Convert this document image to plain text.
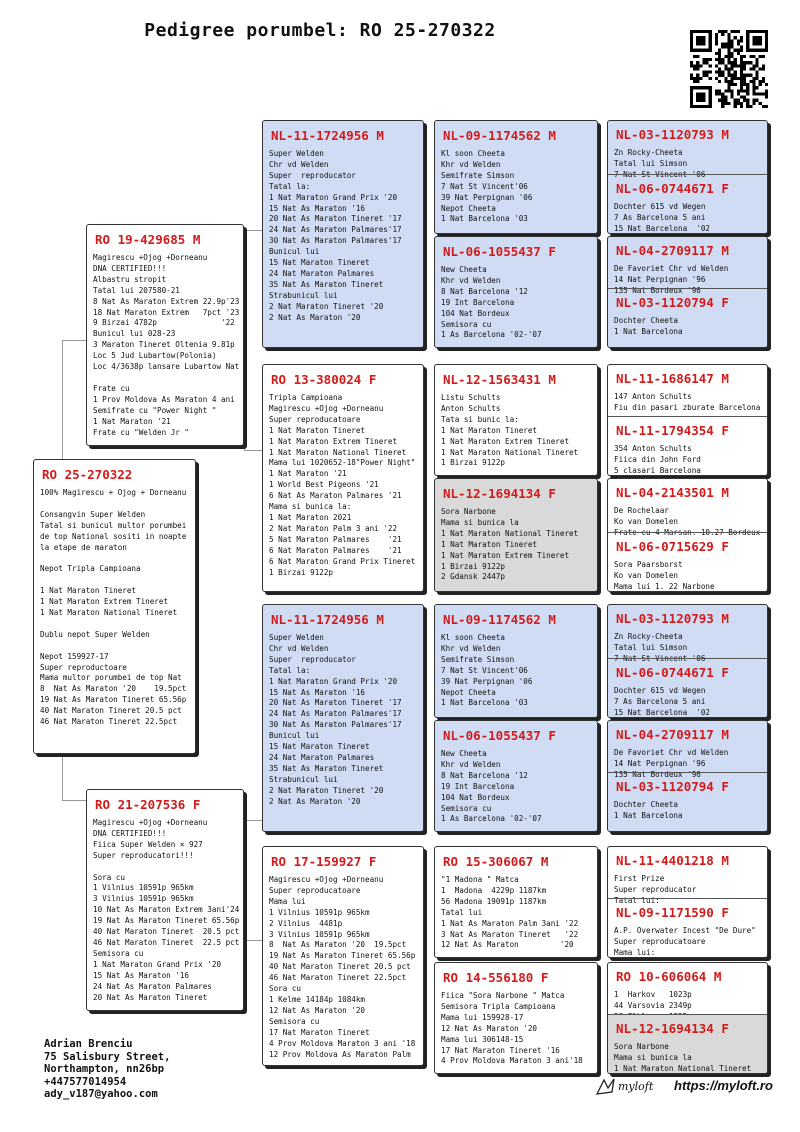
Pedigree porumbel: RO 25-270322
RO 25-270322
100% Magirescu + Ojog + Dorneanu

Consangvin Super Welden
Tatal si bunicul multor porumbei
de top National sositi in noapte
la etape de maraton

Nepot Tripla Campioana

1 Nat Maraton Tineret
1 Nat Maraton Extrem Tineret
1 Nat Maraton National Tineret

Dublu nepot Super Welden

Nepot 159927-17
Super reproductoare
Mama multor porumbei de top Nat
8  Nat As Maraton '20    19.5pct
19 Nat As Maraton Tineret 65.56p
40 Nat Maraton Tineret 20.5 pct
46 Nat Maraton Tineret 22.5pct
RO 19-429685 M
Magirescu +Ojog +Dorneanu
DNA CERTIFIED!!!
Albastru stropit
Tatal lui 207580-21
8 Nat As Maraton Extrem 22.9p'23
18 Nat Maraton Extrem   7pct '23
9 Birzai 4782p              '22
Bunicul lui 028-23
3 Maraton Tineret Oltenia 9.81p
Loc 5 Jud Lubartow(Polonia)
Loc 4/3638p lansare Lubartow Nat

Frate cu
1 Prov Moldova As Maraton 4 ani
Semifrate cu "Power Night "
1 Nat Maraton '21
Frate cu "Welden Jr "
RO 21-207536 F
Magirescu +Ojog +Dorneanu
DNA CERTIFIED!!!
Fiica Super Welden × 927
Super reproducatori!!!

Sora cu
1 Vilnius 10591p 965km
3 Vilnius 10591p 965km
10 Nat As Maraton Extrem 3ani'24
19 Nat As Maraton Tineret 65.56p
40 Nat Maraton Tineret  20.5 pct
46 Nat Maraton Tineret  22.5 pct
Semisora cu
1 Nat Maraton Grand Prix '20
15 Nat As Maraton '16
24 Nat As Maraton Palmares
20 Nat As Maraton Tineret
NL-11-1724956 M
Super Welden
Chr vd Welden
Super  reproducator
Tatal la:
1 Nat Maraton Grand Prix '20
15 Nat As Maraton '16
20 Nat As Maraton Tineret '17
24 Nat As Maraton Palmares'17
30 Nat As Maraton Palmares'17
Bunicul lui
15 Nat Maraton Tineret
24 Nat Maraton Palmares
35 Nat As Maraton Tineret
Strabunicul lui
2 Nat Maraton Tineret '20
2 Nat As Maraton '20
RO 13-380024 F
Tripla Campioana
Magirescu +Ojog +Dorneanu
Super reproducatoare
1 Nat Maraton Tineret
1 Nat Maraton Extrem Tineret
1 Nat Maraton National Tineret
Mama lui 1020652-18"Power Night"
1 Nat Maraton '21
1 World Best Pigeons '21
6 Nat As Maraton Palmares '21
Mama si bunica la:
1 Nat Maraton 2021
2 Nat Maraton Palm 3 ani '22
5 Nat Maraton Palmares    '21
6 Nat Maraton Palmares    '21
6 Nat Maraton Grand Prix Tineret
1 Birzai 9122p
NL-11-1724956 M
Super Welden
Chr vd Welden
Super  reproducator
Tatal la:
1 Nat Maraton Grand Prix '20
15 Nat As Maraton '16
20 Nat As Maraton Tineret '17
24 Nat As Maraton Palmares'17
30 Nat As Maraton Palmares'17
Bunicul lui
15 Nat Maraton Tineret
24 Nat Maraton Palmares
35 Nat As Maraton Tineret
Strabunicul lui
2 Nat Maraton Tineret '20
2 Nat As Maraton '20
RO 17-159927 F
Magirescu +Ojog +Dorneanu
Super reproducatoare
Mama lui
1 Vilnius 10591p 965km
2 Vilnius  4481p
3 Vilnius 10591p 965km
8  Nat As Maraton '20  19.5pct
19 Nat As Maraton Tineret 65.56p
40 Nat Maraton Tineret 20.5 pct
46 Nat Maraton Tineret 22.5pct
Sora cu
1 Kelme 14184p 1084km
12 Nat As Maraton '20
Semisora cu
17 Nat Maraton Tineret
4 Prov Moldova Maraton 3 ani '18
12 Prov Moldova As Maraton Palm
NL-09-1174562 M
Kl soon Cheeta
Khr vd Welden
Semifrate Simson
7 Nat St Vincent'06
39 Nat Perpignan '06
Nepot Cheeta
1 Nat Barcelona '03
NL-06-1055437 F
New Cheeta
Khr vd Welden
8 Nat Barcelona '12
19 Int Barcelona
104 Nat Bordeux
Semisora cu
1 As Barcelona '02-'07
NL-12-1563431 M
Listu Schults
Anton Schults
Tata si bunic la:
1 Nat Maraton Tineret
1 Nat Maraton Extrem Tineret
1 Nat Maraton National Tineret
1 Birzai 9122p
NL-12-1694134 F
Sora Narbone
Mama si bunica la
1 Nat Maraton National Tineret
1 Nat Maraton Tineret
1 Nat Maraton Extrem Tineret
1 Birzai 9122p
2 Gdansk 2447p
NL-09-1174562 M
Kl soon Cheeta
Khr vd Welden
Semifrate Simson
7 Nat St Vincent'06
39 Nat Perpignan '06
Nepot Cheeta
1 Nat Barcelona '03
NL-06-1055437 F
New Cheeta
Khr vd Welden
8 Nat Barcelona '12
19 Int Barcelona
104 Nat Bordeux
Semisora cu
1 As Barcelona '02-'07
RO 15-306067 M
"1 Madona " Matca
1  Madona  4229p 1187km
56 Madona 19091p 1187km
Tatal lui
1 Nat As Maraton Palm 3ani '22
3 Nat As Maraton Tineret   '22
12 Nat As Maraton         '20
RO 14-556180 F
Fiica "Sora Narbone " Matca
Semisora Tripla Campioana
Mama lui 159928-17
12 Nat As Maraton '20
Mama lui 306148-15
17 Nat Maraton Tineret '16
4 Prov Moldova Maraton 3 ani'18
NL-03-1120793 M
Zn Rocky-Cheeta
Tatal lui Simson
7 Nat St Vincent '06
NL-06-0744671 F
Dochter 615 vd Wegen
7 As Barcelona 5 ani
15 Nat Barcelona  '02
NL-04-2709117 M
De Favoriet Chr vd Welden
14 Nat Perpignan '96
135 Nat Bordeux '96
NL-03-1120794 F
Dochter Cheeta
1 Nat Barcelona
NL-11-1686147 M
147 Anton Schults
Fiu din pasari zburate Barcelona
NL-11-1794354 F
354 Anton Schults
Fiica din John Ford
5 clasari Barcelona
NL-04-2143501 M
De Rochelaar
Ko van Domelen
Frate cu 4 Marsan. 10.27 Bordeux
NL-06-0715629 F
Sora Paarsborst
Ko van Domelen
Mama lui 1. 22 Narbone
NL-03-1120793 M
Zn Rocky-Cheeta
Tatal lui Simson
7 Nat St Vincent '06
NL-06-0744671 F
Dochter 615 vd Wegen
7 As Barcelona 5 ani
15 Nat Barcelona  '02
NL-04-2709117 M
De Favoriet Chr vd Welden
14 Nat Perpignan '96
135 Nat Bordeux '96
NL-03-1120794 F
Dochter Cheeta
1 Nat Barcelona
NL-11-4401218 M
First Prize
Super reproducator
Tatal lui:
NL-09-1171590 F
A.P. Overwater Incest "De Dure"
Super reproducatoare
Mama lui:
RO 10-606064 M
1  Harkov   1023p
44 Varsovia 2349p

NL-12-1694134 F
Sora Narbone
Mama si bunica la
1 Nat Maraton National Tineret
Adrian Brenciu
75 Salisbury Street,
Northampton, nn26bp
+447577014954
ady_v187@yahoo.com
myloft https://myloft.ro
